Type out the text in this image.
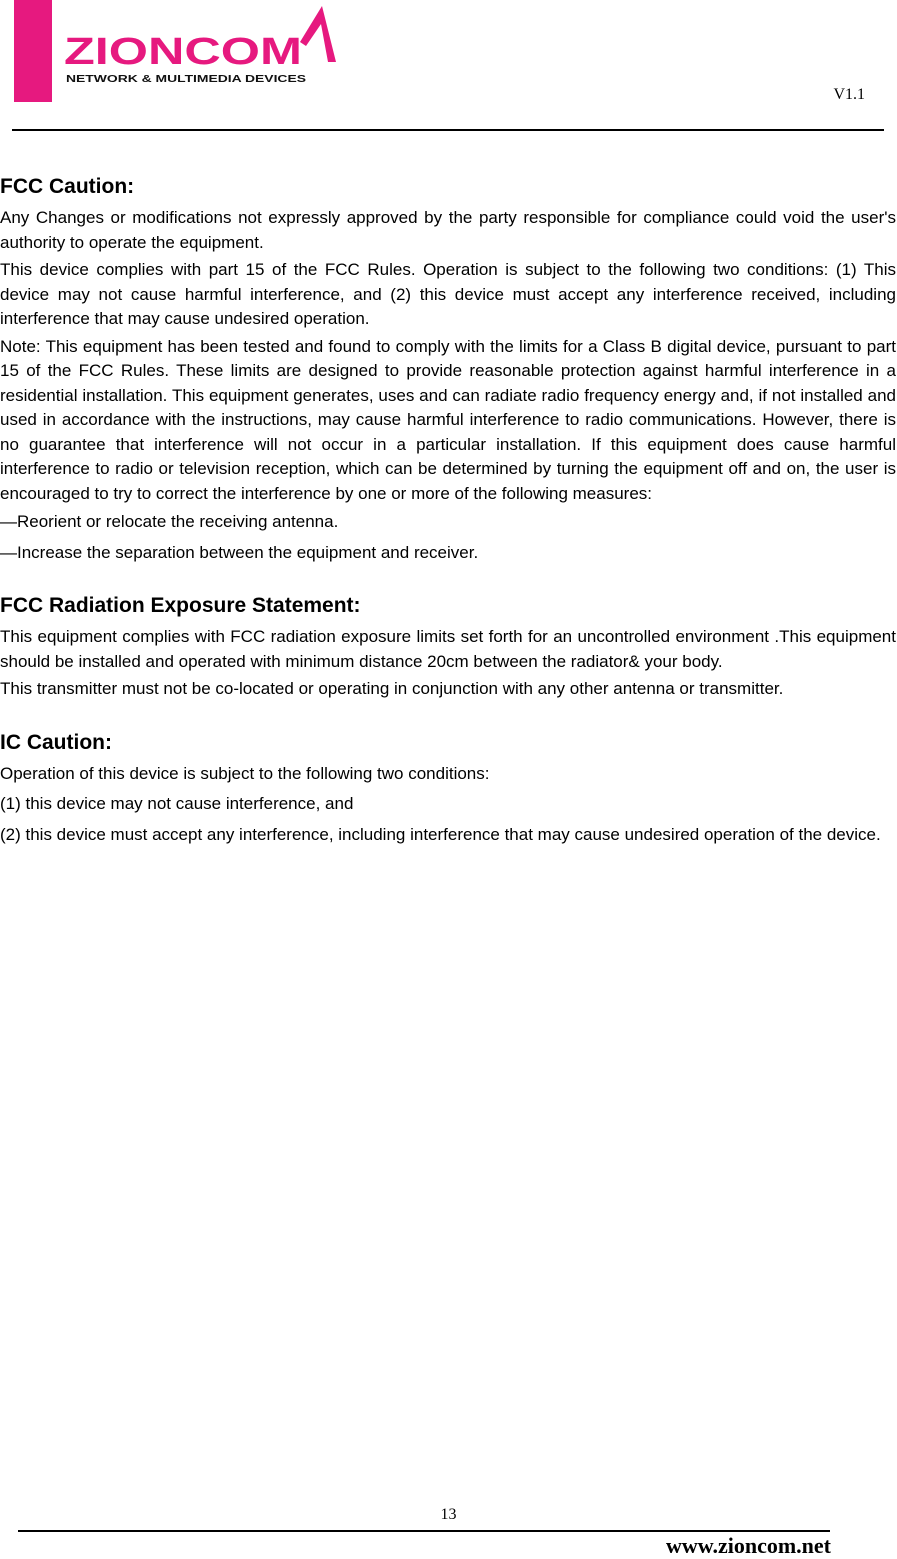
ZIONCOM
NETWORK & MULTIMEDIA DEVICES
V1.1
FCC Caution:

Any Changes or modifications not expressly approved by the party responsible for compliance could void the user's authority to operate the equipment.

This device complies with part 15 of the FCC Rules. Operation is subject to the following two conditions: (1) This device may not cause harmful interference, and (2) this device must accept any interference received, including interference that may cause undesired operation.

Note: This equipment has been tested and found to comply with the limits for a Class B digital device, pursuant to part 15 of the FCC Rules. These limits are designed to provide reasonable protection against harmful interference in a residential installation. This equipment generates, uses and can radiate radio frequency energy and, if not installed and used in accordance with the instructions, may cause harmful interference to radio communications. However, there is no guarantee that interference will not occur in a particular installation. If this equipment does cause harmful interference to radio or television reception, which can be determined by turning the equipment off and on, the user is encouraged to try to correct the interference by one or more of the following measures:

—Reorient or relocate the receiving antenna.

—Increase the separation between the equipment and receiver.

FCC Radiation Exposure Statement:

This equipment complies with FCC radiation exposure limits set forth for an uncontrolled environment .This equipment should be installed and operated with minimum distance 20cm between the radiator& your body.

This transmitter must not be co-located or operating in conjunction with any other antenna or transmitter.

IC Caution:

Operation of this device is subject to the following two conditions:

(1) this device may not cause interference, and

(2) this device must accept any interference, including interference that may cause undesired operation of the device.

13
www.zioncom.net
